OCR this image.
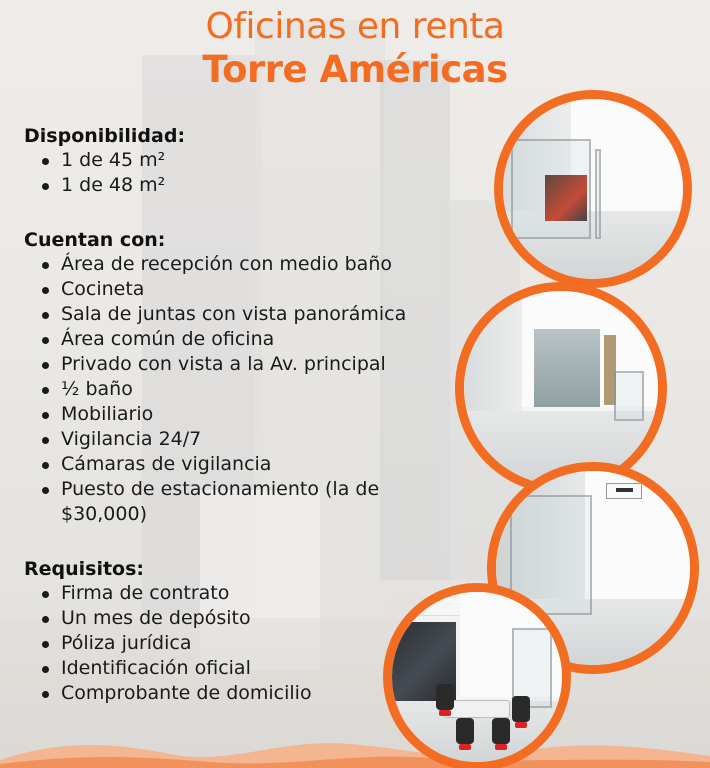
Oficinas en renta
Torre Américas
Disponibilidad:
1 de 45 m²
1 de 48 m²
Cuentan con:
Área de recepción con medio baño
Cocineta
Sala de juntas con vista panorámica
Área común de oficina
Privado con vista a la Av. principal
½ baño
Mobiliario
Vigilancia 24/7
Cámaras de vigilancia
Puesto de estacionamiento (la de $30,000)
Requisitos:
Firma de contrato
Un mes de depósito
Póliza jurídica
Identificación oficial
Comprobante de domicilio
